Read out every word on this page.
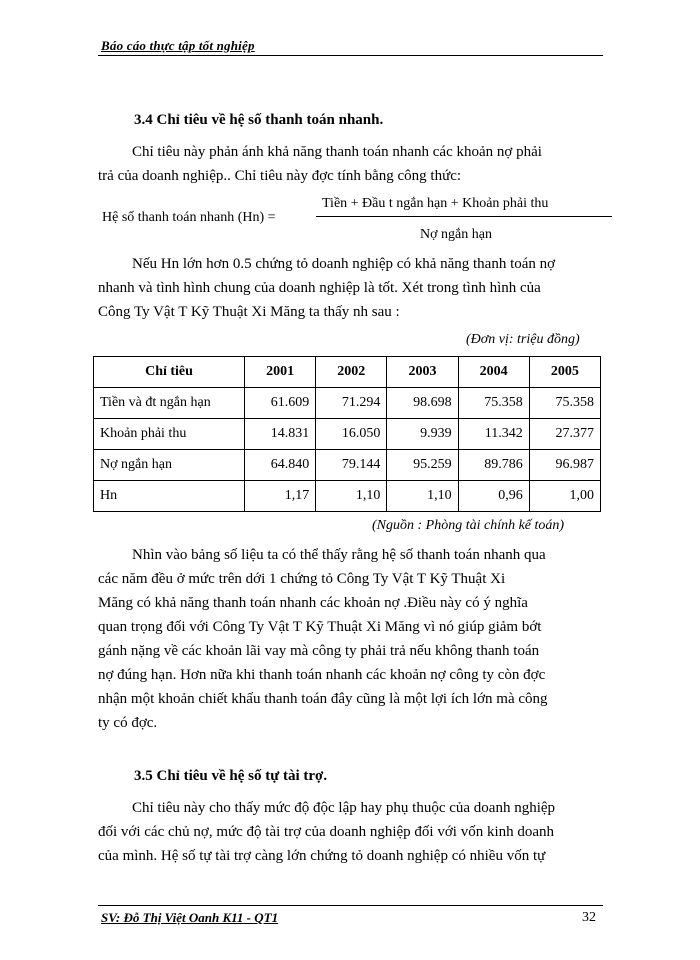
Báo cáo thực tập tốt nghiệp
3.4 Chỉ tiêu về hệ số thanh toán nhanh.
Chỉ tiêu này phản ánh khả năng thanh toán nhanh các khoản nợ phải
trả của doanh nghiệp.. Chỉ tiêu này đợc tính bằng công thức:
Hệ số thanh toán nhanh (Hn) =
Tiền + Đầu t ngắn hạn + Khoản phải thu
Nợ ngắn hạn
Nếu Hn lớn hơn 0.5 chứng tỏ doanh nghiệp có khả năng thanh toán nợ
nhanh và tình hình chung của doanh nghiệp là tốt. Xét trong tình hình của
Công Ty Vật T Kỹ Thuật Xi Măng ta thấy nh sau :
(Đơn vị: triệu đồng)
Chỉ tiêu	2001	2002	2003	2004	2005
Tiền và đt ngắn hạn	61.609	71.294	98.698	75.358	75.358
Khoản phải thu	14.831	16.050	9.939	11.342	27.377
Nợ ngắn hạn	64.840	79.144	95.259	89.786	96.987
Hn	1,17	1,10	1,10	0,96	1,00
(Nguồn : Phòng tài chính kế toán)
Nhìn vào bảng số liệu ta có thể thấy rằng hệ số thanh toán nhanh qua
các năm đều ở mức trên dới 1 chứng tỏ Công Ty Vật T Kỹ Thuật Xi
Măng có khả năng thanh toán nhanh các khoản nợ .Điều này có ý nghĩa
quan trọng đối với Công Ty Vật T Kỹ Thuật Xi Măng vì nó giúp giảm bớt
gánh nặng về các khoản lãi vay mà công ty phải trả nếu không thanh toán
nợ đúng hạn. Hơn nữa khi thanh toán nhanh các khoản nợ công ty còn đợc
nhận một khoản chiết khấu thanh toán đây cũng là một lợi ích lớn mà công
ty có đợc.
3.5 Chỉ tiêu về hệ số tự tài trợ.
Chỉ tiêu này cho thấy mức độ độc lập hay phụ thuộc của doanh nghiệp
đối với các chủ nợ, mức độ tài trợ của doanh nghiệp đối với vốn kinh doanh
của mình. Hệ số tự tài trợ càng lớn chứng tỏ doanh nghiệp có nhiều vốn tự
SV: Đỗ Thị Việt Oanh K11 - QT1	32
